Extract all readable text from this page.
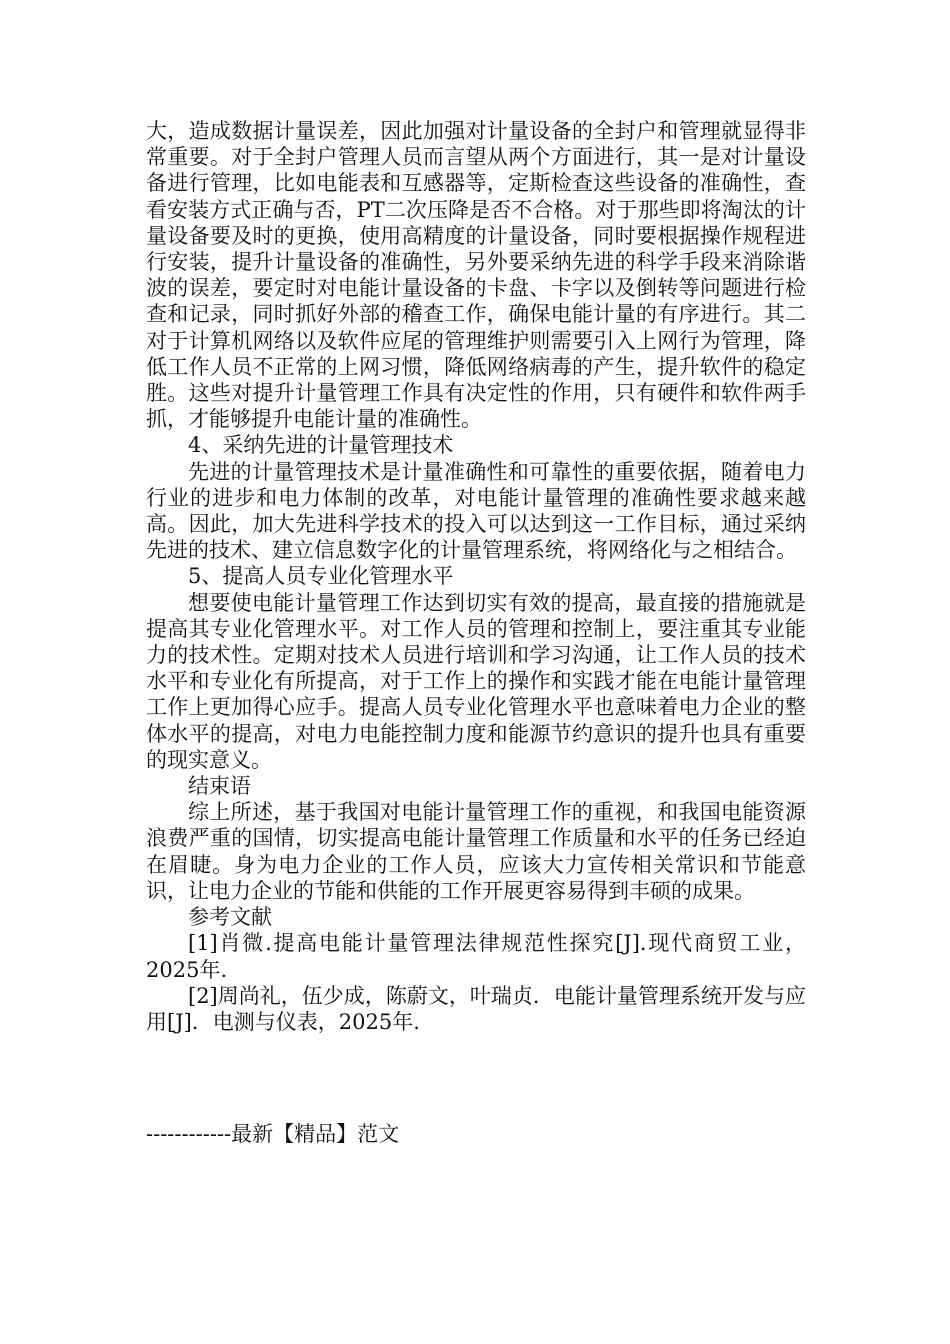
大，造成数据计量误差，因此加强对计量设备的全封户和管理就显得非常重要。对于全封户管理人员而言望从两个方面进行，其一是对计量设备进行管理，比如电能表和互感器等，定斯检查这些设备的准确性，查看安装方式正确与否，PT二次压降是否不合格。对于那些即将淘汰的计量设备要及时的更换，使用高精度的计量设备，同时要根据操作规程进行安装，提升计量设备的准确性，另外要采纳先进的科学手段来消除谐波的误差，要定时对电能计量设备的卡盘、卡字以及倒转等问题进行检查和记录，同时抓好外部的稽查工作，确保电能计量的有序进行。其二对于计算机网络以及软件应尾的管理维护则需要引入上网行为管理，降低工作人员不正常的上网习惯，降低网络病毒的产生，提升软件的稳定胜。这些对提升计量管理工作具有决定性的作用，只有硬件和软件两手抓，才能够提升电能计量的准确性。

4、采纳先进的计量管理技术

先进的计量管理技术是计量准确性和可靠性的重要依据，随着电力行业的进步和电力体制的改革，对电能计量管理的准确性要求越来越高。因此，加大先进科学技术的投入可以达到这一工作目标，通过采纳先进的技术、建立信息数字化的计量管理系统，将网络化与之相结合。

5、提高人员专业化管理水平

想要使电能计量管理工作达到切实有效的提高，最直接的措施就是提高其专业化管理水平。对工作人员的管理和控制上，要注重其专业能力的技术性。定期对技术人员进行培训和学习沟通，让工作人员的技术水平和专业化有所提高，对于工作上的操作和实践才能在电能计量管理工作上更加得心应手。提高人员专业化管理水平也意味着电力企业的整体水平的提高，对电力电能控制力度和能源节约意识的提升也具有重要的现实意义。

结束语

综上所述，基于我国对电能计量管理工作的重视，和我国电能资源浪费严重的国情，切实提高电能计量管理工作质量和水平的任务已经迫在眉睫。身为电力企业的工作人员，应该大力宣传相关常识和节能意识，让电力企业的节能和供能的工作开展更容易得到丰硕的成果。

参考文献

[1]肖微.提高电能计量管理法律规范性探究[J].现代商贸工业，2025年.

[2]周尚礼，伍少成，陈蔚文，叶瑞贞．电能计量管理系统开发与应用[J]．电测与仪表，2025年.

------------最新【精品】范文
